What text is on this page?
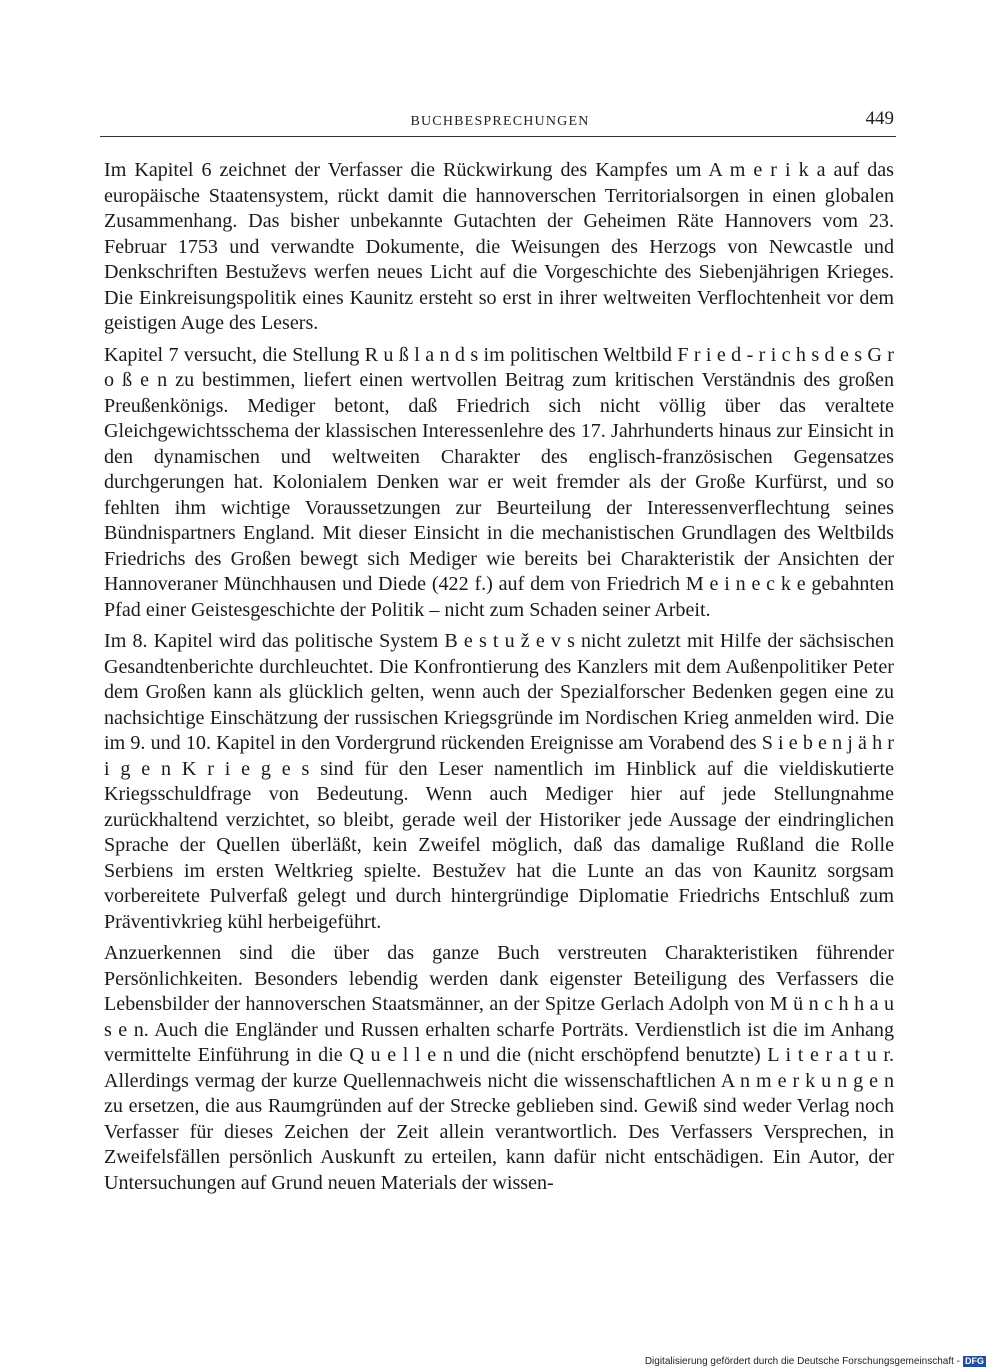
BUCHBESPRECHUNGEN	449

Im Kapitel 6 zeichnet der Verfasser die Rückwirkung des Kampfes um A m e r i k a auf das europäische Staatensystem, rückt damit die hannoverschen Territorialsorgen in einen globalen Zusammenhang. Das bisher unbekannte Gutachten der Geheimen Räte Hannovers vom 23. Februar 1753 und verwandte Dokumente, die Weisungen des Herzogs von Newcastle und Denkschriften Bestuževs werfen neues Licht auf die Vorgeschichte des Siebenjährigen Krieges. Die Einkreisungspolitik eines Kaunitz ersteht so erst in ihrer weltweiten Verflochtenheit vor dem geistigen Auge des Lesers.

Kapitel 7 versucht, die Stellung R u ß l a n d s im politischen Weltbild F r i e d - r i c h s d e s G r o ß e n zu bestimmen, liefert einen wertvollen Beitrag zum kritischen Verständnis des großen Preußenkönigs. Mediger betont, daß Friedrich sich nicht völlig über das veraltete Gleichgewichtsschema der klassischen Interessenlehre des 17. Jahrhunderts hinaus zur Einsicht in den dynamischen und weltweiten Charakter des englisch-französischen Gegensatzes durchgerungen hat. Kolonialem Denken war er weit fremder als der Große Kurfürst, und so fehlten ihm wichtige Voraussetzungen zur Beurteilung der Interessenverflechtung seines Bündnispartners England. Mit dieser Einsicht in die mechanistischen Grundlagen des Weltbilds Friedrichs des Großen bewegt sich Mediger wie bereits bei Charakteristik der Ansichten der Hannoveraner Münchhausen und Diede (422 f.) auf dem von Friedrich M e i n e c k e gebahnten Pfad einer Geistesgeschichte der Politik – nicht zum Schaden seiner Arbeit.

Im 8. Kapitel wird das politische System B e s t u ž e v s nicht zuletzt mit Hilfe der sächsischen Gesandtenberichte durchleuchtet. Die Konfrontierung des Kanzlers mit dem Außenpolitiker Peter dem Großen kann als glücklich gelten, wenn auch der Spezialforscher Bedenken gegen eine zu nachsichtige Einschätzung der russischen Kriegsgründe im Nordischen Krieg anmelden wird. Die im 9. und 10. Kapitel in den Vordergrund rückenden Ereignisse am Vorabend des S i e b e n j ä h r i g e n K r i e g e s sind für den Leser namentlich im Hinblick auf die vieldiskutierte Kriegsschuldfrage von Bedeutung. Wenn auch Mediger hier auf jede Stellungnahme zurückhaltend verzichtet, so bleibt, gerade weil der Historiker jede Aussage der eindringlichen Sprache der Quellen überläßt, kein Zweifel möglich, daß das damalige Rußland die Rolle Serbiens im ersten Weltkrieg spielte. Bestužev hat die Lunte an das von Kaunitz sorgsam vorbereitete Pulverfaß gelegt und durch hintergründige Diplomatie Friedrichs Entschluß zum Präventivkrieg kühl herbeigeführt.

Anzuerkennen sind die über das ganze Buch verstreuten Charakteristiken führender Persönlichkeiten. Besonders lebendig werden dank eigenster Beteiligung des Verfassers die Lebensbilder der hannoverschen Staatsmänner, an der Spitze Gerlach Adolph von M ü n c h h a u s e n. Auch die Engländer und Russen erhalten scharfe Porträts. Verdienstlich ist die im Anhang vermittelte Einführung in die Q u e l l e n und die (nicht erschöpfend benutzte) L i t e r a t u r. Allerdings vermag der kurze Quellennachweis nicht die wissenschaftlichen A n m e r k u n g e n zu ersetzen, die aus Raumgründen auf der Strecke geblieben sind. Gewiß sind weder Verlag noch Verfasser für dieses Zeichen der Zeit allein verantwortlich. Des Verfassers Versprechen, in Zweifelsfällen persönlich Auskunft zu erteilen, kann dafür nicht entschädigen. Ein Autor, der Untersuchungen auf Grund neuen Materials der wissen-

Digitalisierung gefördert durch die Deutsche Forschungsgemeinschaft - DFG
